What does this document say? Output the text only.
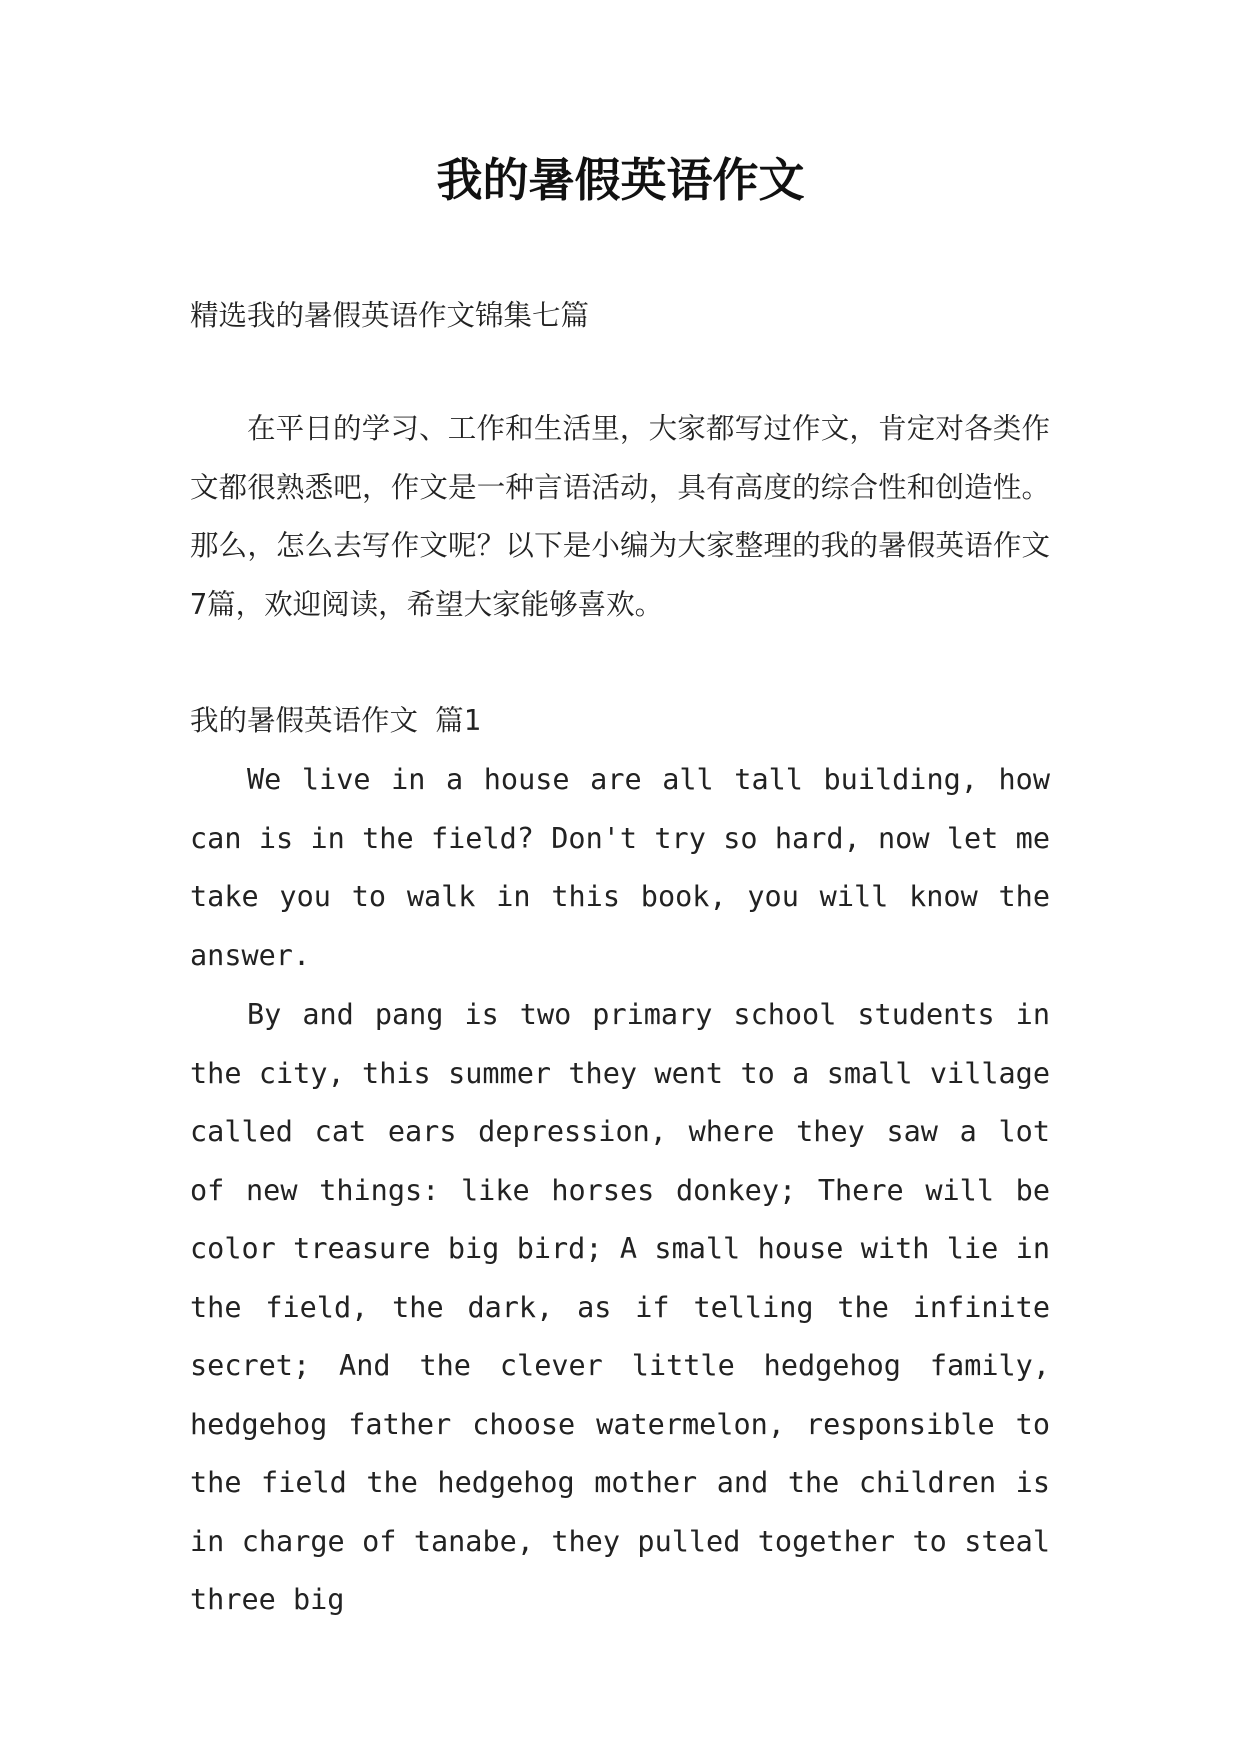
我的暑假英语作文

精选我的暑假英语作文锦集七篇

在平日的学习、工作和生活里，大家都写过作文，肯定对各类作文都很熟悉吧，作文是一种言语活动，具有高度的综合性和创造性。那么，怎么去写作文呢？以下是小编为大家整理的我的暑假英语作文7篇，欢迎阅读，希望大家能够喜欢。

我的暑假英语作文 篇1

We live in a house are all tall building, how can is in the field? Don't try so hard, now let me take you to walk in this book, you will know the answer.

By and pang is two primary school students in the city, this summer they went to a small village called cat ears depression, where they saw a lot of new things: like horses donkey; There will be color treasure big bird; A small house with lie in the field, the dark, as if telling the infinite secret; And the clever little hedgehog family, hedgehog father choose watermelon, responsible to the field the hedgehog mother and the children is in charge of tanabe, they pulled together to steal three big
